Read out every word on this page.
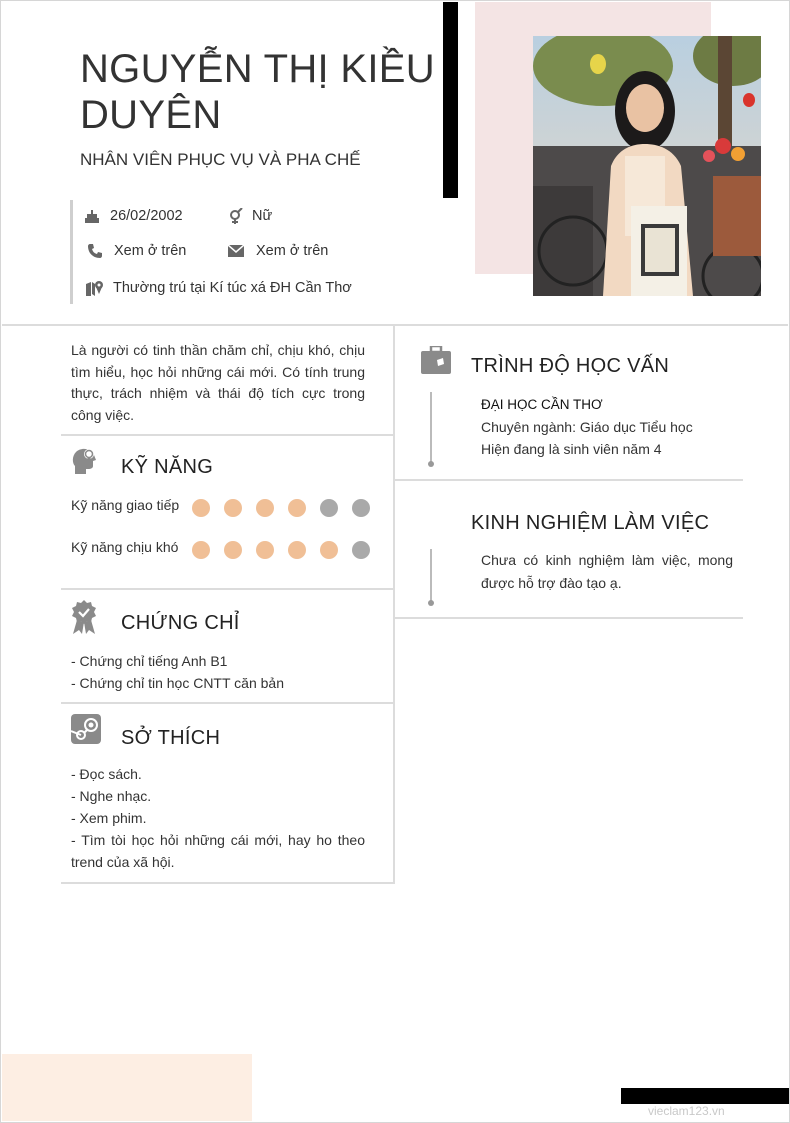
NGUYỄN THỊ KIỀU DUYÊN
NHÂN VIÊN PHỤC VỤ VÀ PHA CHẾ
26/02/2002	Nữ
Xem ở trên	Xem ở trên
Thường trú tại Kí túc xá ĐH Cần Thơ

Là người có tinh thần chăm chỉ, chịu khó, chịu tìm hiểu, học hỏi những cái mới. Có tính trung thực, trách nhiệm và thái độ tích cực trong công việc.

KỸ NĂNG
Kỹ năng giao tiếp
Kỹ năng chịu khó
CHỨNG CHỈ
- Chứng chỉ tiếng Anh B1
- Chứng chỉ tin học CNTT căn bản
SỞ THÍCH
- Đọc sách.
- Nghe nhạc.
- Xem phim.
- Tìm tòi học hỏi những cái mới, hay ho theo trend của xã hội.
TRÌNH ĐỘ HỌC VẤN
ĐẠI HỌC CẦN THƠ
Chuyên ngành: Giáo dục Tiểu học
Hiện đang là sinh viên năm 4
KINH NGHIỆM LÀM VIỆC

Chưa có kinh nghiệm làm việc, mong được hỗ trợ đào tạo ạ.

vieclam123.vn
